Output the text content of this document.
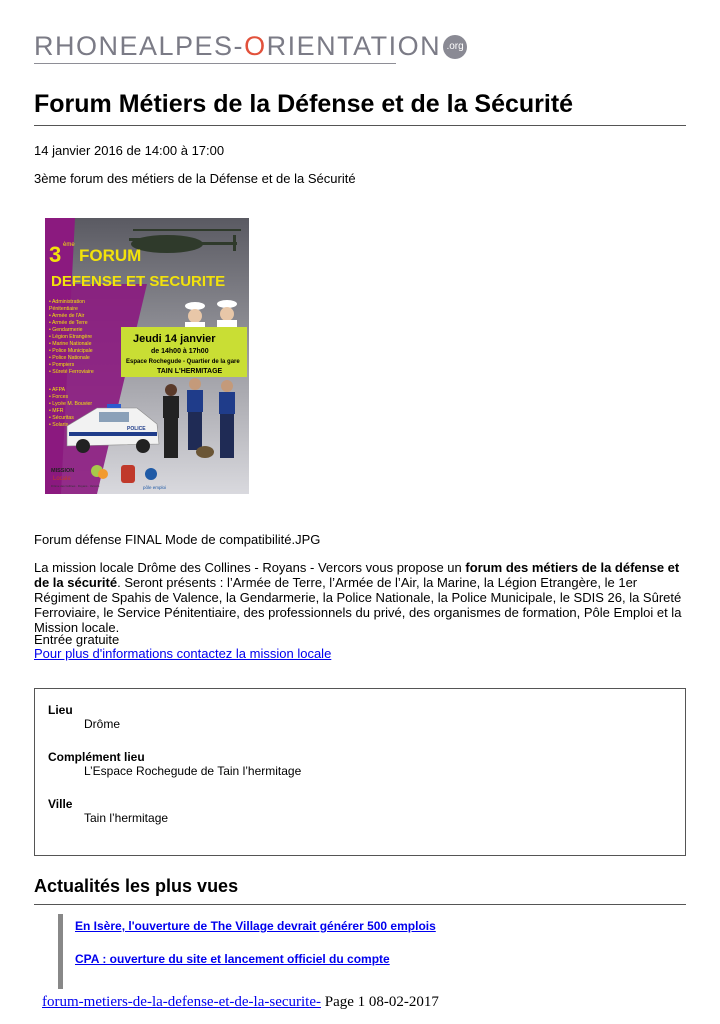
RHONEALPES-ORIENTATION .org
Forum Métiers de la Défense et de la Sécurité
14 janvier 2016 de 14:00 à 17:00
3ème forum des métiers de la Défense et de la Sécurité
3 ème
FORUM
DEFENSE ET SECURITE
• Administration
Pénitentiaire
• Armée de l'Air
• Armée de Terre
• Gendarmerie
• Légion Etrangère
• Marine Nationale
• Police Municipale
• Police Nationale
• Pompiers
• Sûreté Ferroviaire
• AFPA
• Forces
• Lycée M. Bouvier
• MFR
• Sécuritas
• Solaris
Jeudi 14 janvier
de 14h00 à 17h00
Espace Rochegude - Quartier de la gare
TAIN L'HERMITAGE
POLICE
MISSION
Locale
Drôme des Collines · Royans · Vercors	pôle emploi
Forum défense FINAL Mode de compatibilité.JPG
La mission locale Drôme des Collines - Royans - Vercors vous propose un forum des métiers de la défense et de la sécurité. Seront présents : l’Armée de Terre, l’Armée de l’Air, la Marine, la Légion Etrangère, le 1er Régiment de Spahis de Valence, la Gendarmerie, la Police Nationale, la Police Municipale, le SDIS 26, la Sûreté Ferroviaire, le Service Pénitentiaire, des professionnels du privé, des organismes de formation, Pôle Emploi et la Mission locale.
Entrée gratuite
Pour plus d'informations contactez la mission locale
Lieu
Drôme
Complément lieu
L’Espace Rochegude de Tain l’hermitage
Ville
Tain l’hermitage
Actualités les plus vues
En Isère, l'ouverture de The Village devrait générer 500 emplois
CPA : ouverture du site et lancement officiel du compte
forum-metiers-de-la-defense-et-de-la-securite- Page 1 08-02-2017
